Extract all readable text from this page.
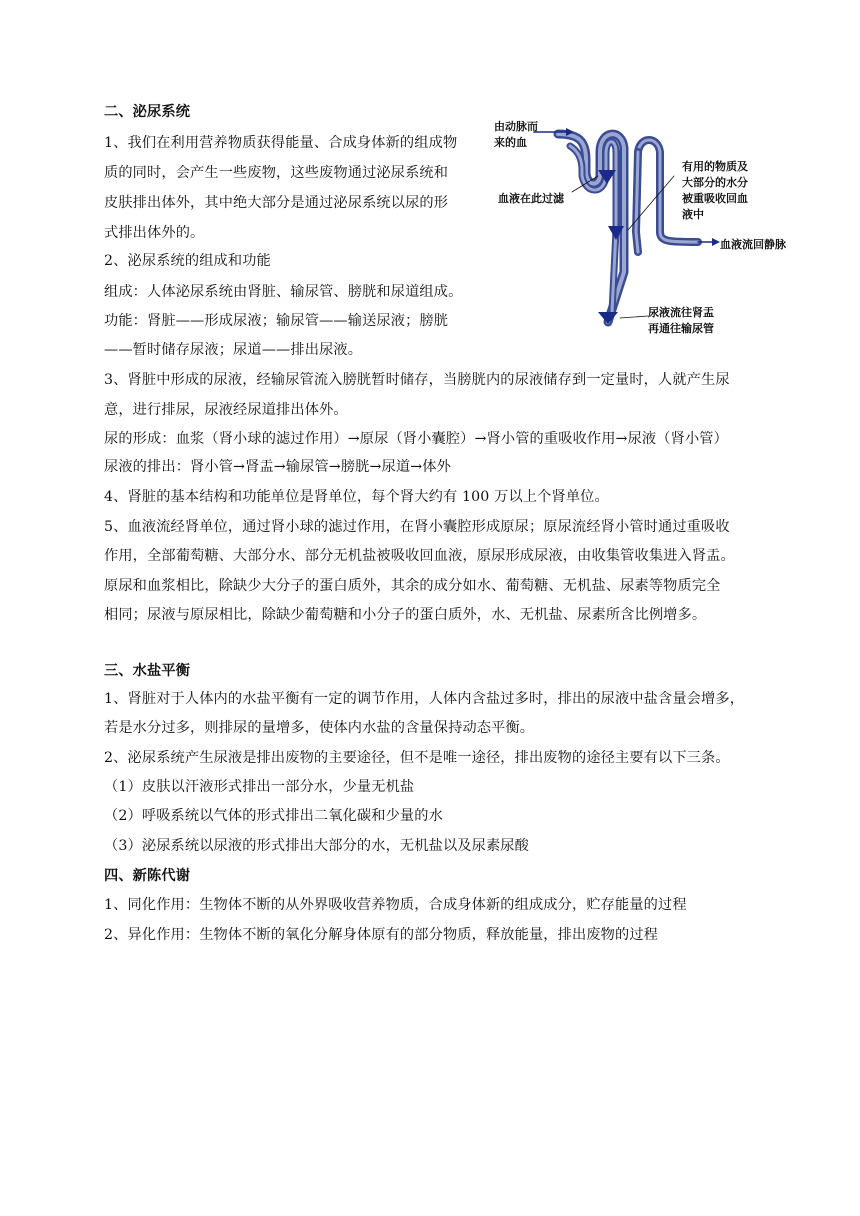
二、泌尿系统
1、我们在利用营养物质获得能量、合成身体新的组成物
质的同时，会产生一些废物，这些废物通过泌尿系统和
皮肤排出体外，其中绝大部分是通过泌尿系统以尿的形
式排出体外的。
2、泌尿系统的组成和功能
组成：人体泌尿系统由肾脏、输尿管、膀胱和尿道组成。
功能：肾脏——形成尿液；输尿管——输送尿液；膀胱
——暂时储存尿液；尿道——排出尿液。
由动脉而
来的血
血液在此过滤
有用的物质及
大部分的水分
被重吸收回血
液中
血液流回静脉
尿液流往肾盂
再通往输尿管
3、肾脏中形成的尿液，经输尿管流入膀胱暂时储存，当膀胱内的尿液储存到一定量时，人就产生尿
意，进行排尿，尿液经尿道排出体外。
尿的形成：血浆（肾小球的滤过作用）→原尿（肾小囊腔）→肾小管的重吸收作用→尿液（肾小管）
尿液的排出：肾小管→肾盂→输尿管→膀胱→尿道→体外
4、肾脏的基本结构和功能单位是肾单位，每个肾大约有 100 万以上个肾单位。
5、血液流经肾单位，通过肾小球的滤过作用，在肾小囊腔形成原尿；原尿流经肾小管时通过重吸收
作用，全部葡萄糖、大部分水、部分无机盐被吸收回血液，原尿形成尿液，由收集管收集进入肾盂。
原尿和血浆相比，除缺少大分子的蛋白质外，其余的成分如水、葡萄糖、无机盐、尿素等物质完全
相同；尿液与原尿相比，除缺少葡萄糖和小分子的蛋白质外，水、无机盐、尿素所含比例增多。
三、水盐平衡
1、肾脏对于人体内的水盐平衡有一定的调节作用，人体内含盐过多时，排出的尿液中盐含量会增多，
若是水分过多，则排尿的量增多，使体内水盐的含量保持动态平衡。
2、泌尿系统产生尿液是排出废物的主要途径，但不是唯一途径，排出废物的途径主要有以下三条。
（1）皮肤以汗液形式排出一部分水，少量无机盐
（2）呼吸系统以气体的形式排出二氧化碳和少量的水
（3）泌尿系统以尿液的形式排出大部分的水，无机盐以及尿素尿酸
四、新陈代谢
1、同化作用：生物体不断的从外界吸收营养物质，合成身体新的组成成分，贮存能量的过程
2、异化作用：生物体不断的氧化分解身体原有的部分物质，释放能量，排出废物的过程
